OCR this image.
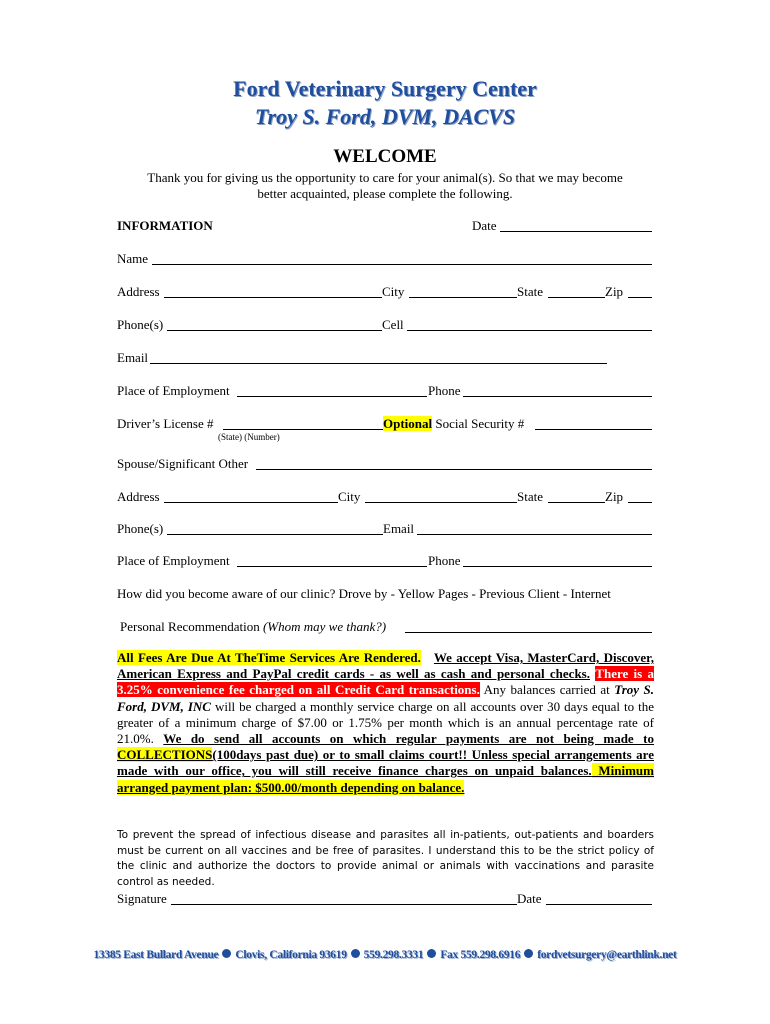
Ford Veterinary Surgery Center
Troy S. Ford, DVM, DACVS
WELCOME
Thank you for giving us the opportunity to care for your animal(s). So that we may become
better acquainted, please complete the following.
INFORMATION	Date
Name
Address	City	State	Zip
Phone(s)	Cell
Email
Place of Employment	Phone
Driver’s License #	Optional Social Security #
(State) (Number)
Spouse/Significant Other
Address	City	State	Zip
Phone(s)	Email
Place of Employment	Phone
How did you become aware of our clinic? Drove by - Yellow Pages - Previous Client - Internet
Personal Recommendation (Whom may we thank?)
All Fees Are Due At TheTime Services Are Rendered. We accept Visa, MasterCard, Discover, American Express and PayPal credit cards - as well as cash and personal checks. There is a 3.25% convenience fee charged on all Credit Card transactions. Any balances carried at Troy S. Ford, DVM, INC will be charged a monthly service charge on all accounts over 30 days equal to the greater of a minimum charge of $7.00 or 1.75% per month which is an annual percentage rate of 21.0%. We do send all accounts on which regular payments are not being made to COLLECTIONS(100days past due) or to small claims court!! Unless special arrangements are made with our office, you will still receive finance charges on unpaid balances. Minimum arranged payment plan: $500.00/month depending on balance.
To prevent the spread of infectious disease and parasites all in-patients, out-patients and boarders must be current on all vaccines and be free of parasites. I understand this to be the strict policy of the clinic and authorize the doctors to provide animal or animals with vaccinations and parasite control as needed.
Signature	Date
13385 East Bullard Avenue Clovis, California 93619 559.298.3331 Fax 559.298.6916 fordvetsurgery@earthlink.net
